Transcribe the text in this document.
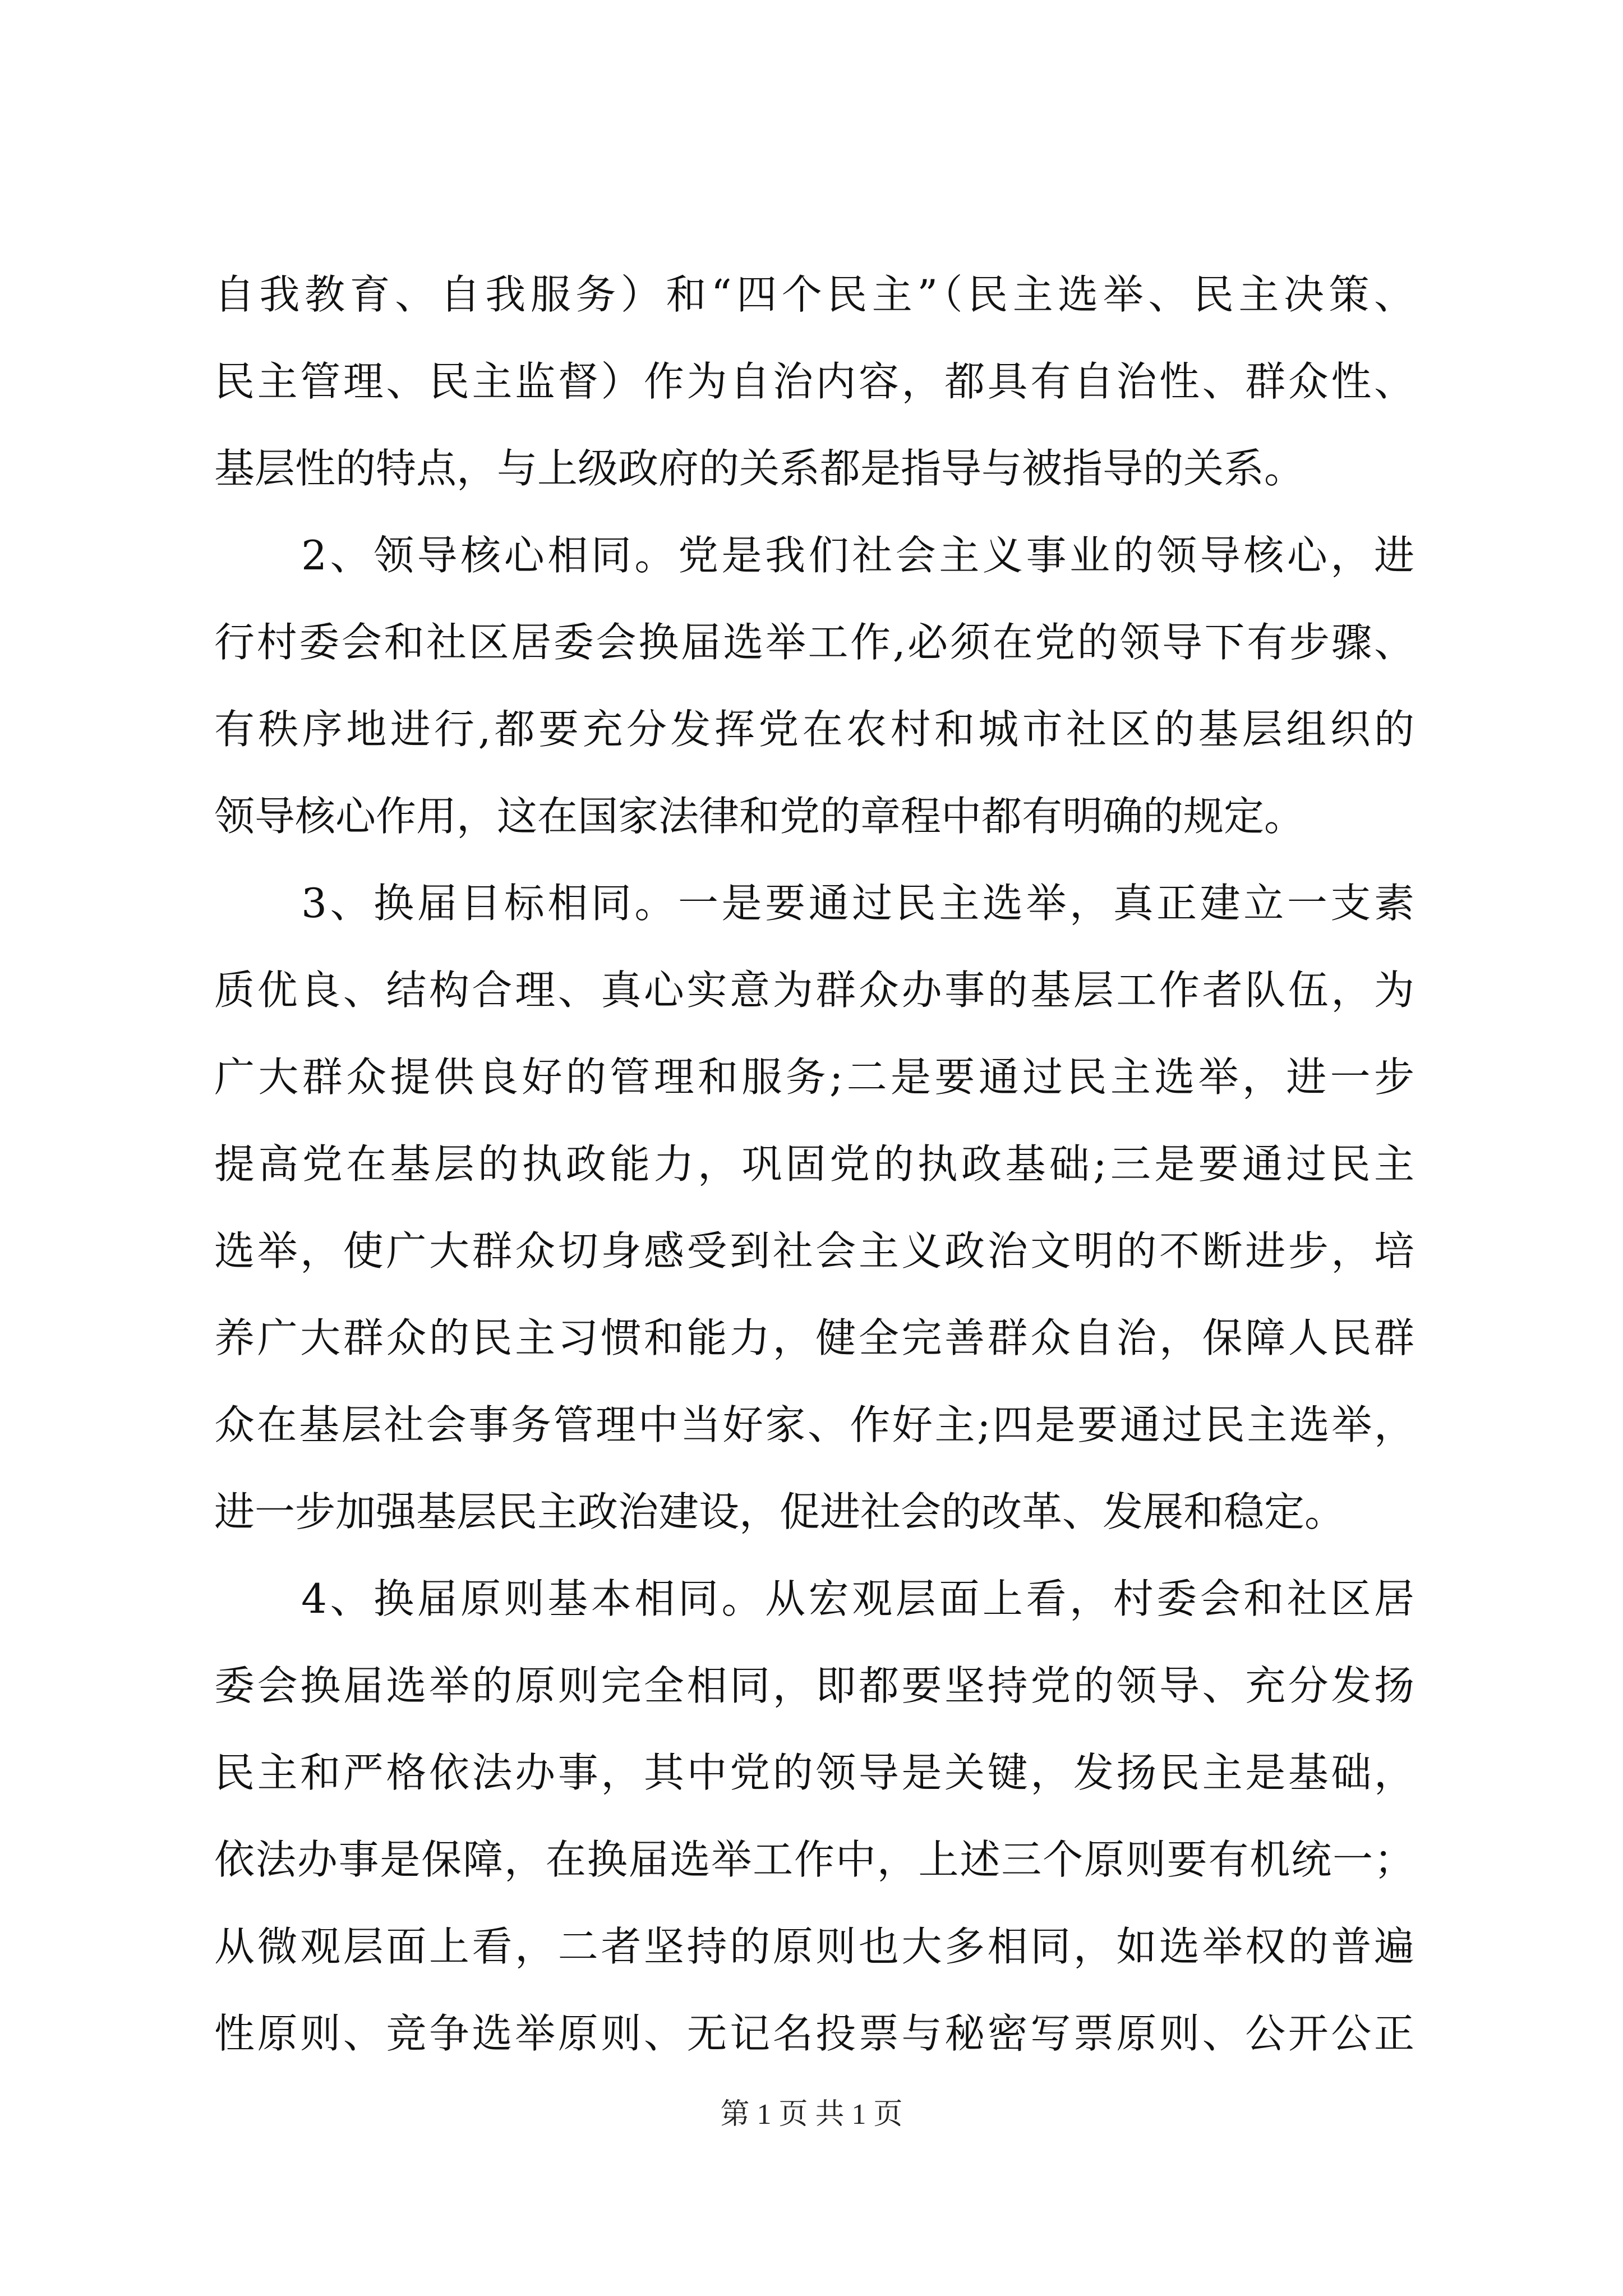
自我教育、自我服务）和“四个民主”（民主选举、民主决策、
民主管理、民主监督）作为自治内容，都具有自治性、群众性、
基层性的特点，与上级政府的关系都是指导与被指导的关系。
　　2、领导核心相同。党是我们社会主义事业的领导核心，进
行村委会和社区居委会换届选举工作,必须在党的领导下有步骤、
有秩序地进行,都要充分发挥党在农村和城市社区的基层组织的
领导核心作用，这在国家法律和党的章程中都有明确的规定。
　　3、换届目标相同。一是要通过民主选举，真正建立一支素
质优良、结构合理、真心实意为群众办事的基层工作者队伍，为
广大群众提供良好的管理和服务;二是要通过民主选举，进一步
提高党在基层的执政能力，巩固党的执政基础;三是要通过民主
选举，使广大群众切身感受到社会主义政治文明的不断进步，培
养广大群众的民主习惯和能力，健全完善群众自治，保障人民群
众在基层社会事务管理中当好家、作好主;四是要通过民主选举，
进一步加强基层民主政治建设，促进社会的改革、发展和稳定。
　　4、换届原则基本相同。从宏观层面上看，村委会和社区居
委会换届选举的原则完全相同，即都要坚持党的领导、充分发扬
民主和严格依法办事，其中党的领导是关键，发扬民主是基础，
依法办事是保障，在换届选举工作中，上述三个原则要有机统一；
从微观层面上看，二者坚持的原则也大多相同，如选举权的普遍
性原则、竞争选举原则、无记名投票与秘密写票原则、公开公正
第 1 页 共 1 页
